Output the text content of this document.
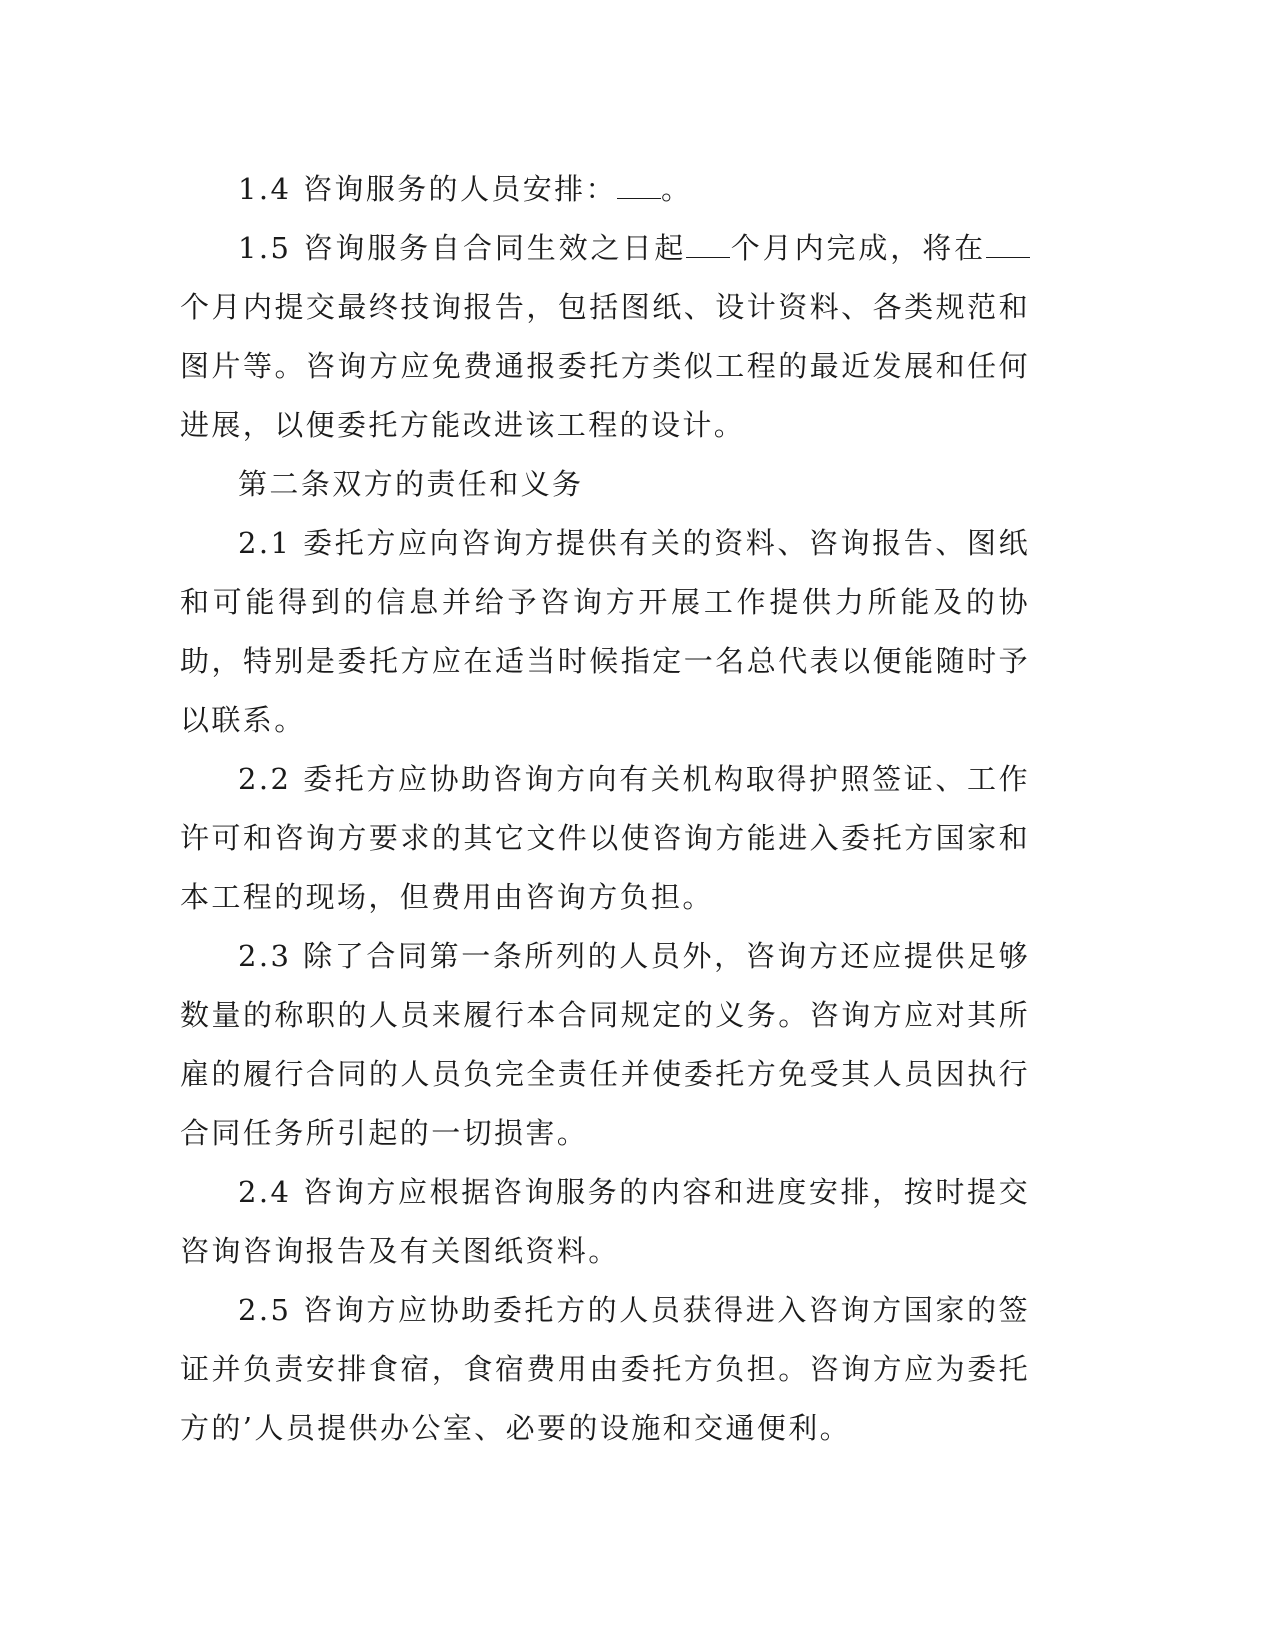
1.4 咨询服务的人员安排： 。

1.5 咨询服务自合同生效之日起 个月内完成，将在个月内提交最终技询报告，包括图纸、设计资料、各类规范和图片等。咨询方应免费通报委托方类似工程的最近发展和任何进展，以便委托方能改进该工程的设计。

第二条双方的责任和义务

2.1 委托方应向咨询方提供有关的资料、咨询报告、图纸和可能得到的信息并给予咨询方开展工作提供力所能及的协助，特别是委托方应在适当时候指定一名总代表以便能随时予以联系。

2.2 委托方应协助咨询方向有关机构取得护照签证、工作许可和咨询方要求的其它文件以使咨询方能进入委托方国家和本工程的现场，但费用由咨询方负担。

2.3 除了合同第一条所列的人员外，咨询方还应提供足够数量的称职的人员来履行本合同规定的义务。咨询方应对其所雇的履行合同的人员负完全责任并使委托方免受其人员因执行合同任务所引起的一切损害。

2.4 咨询方应根据咨询服务的内容和进度安排，按时提交咨询咨询报告及有关图纸资料。

2.5 咨询方应协助委托方的人员获得进入咨询方国家的签证并负责安排食宿，食宿费用由委托方负担。咨询方应为委托方的’人员提供办公室、必要的设施和交通便利。
